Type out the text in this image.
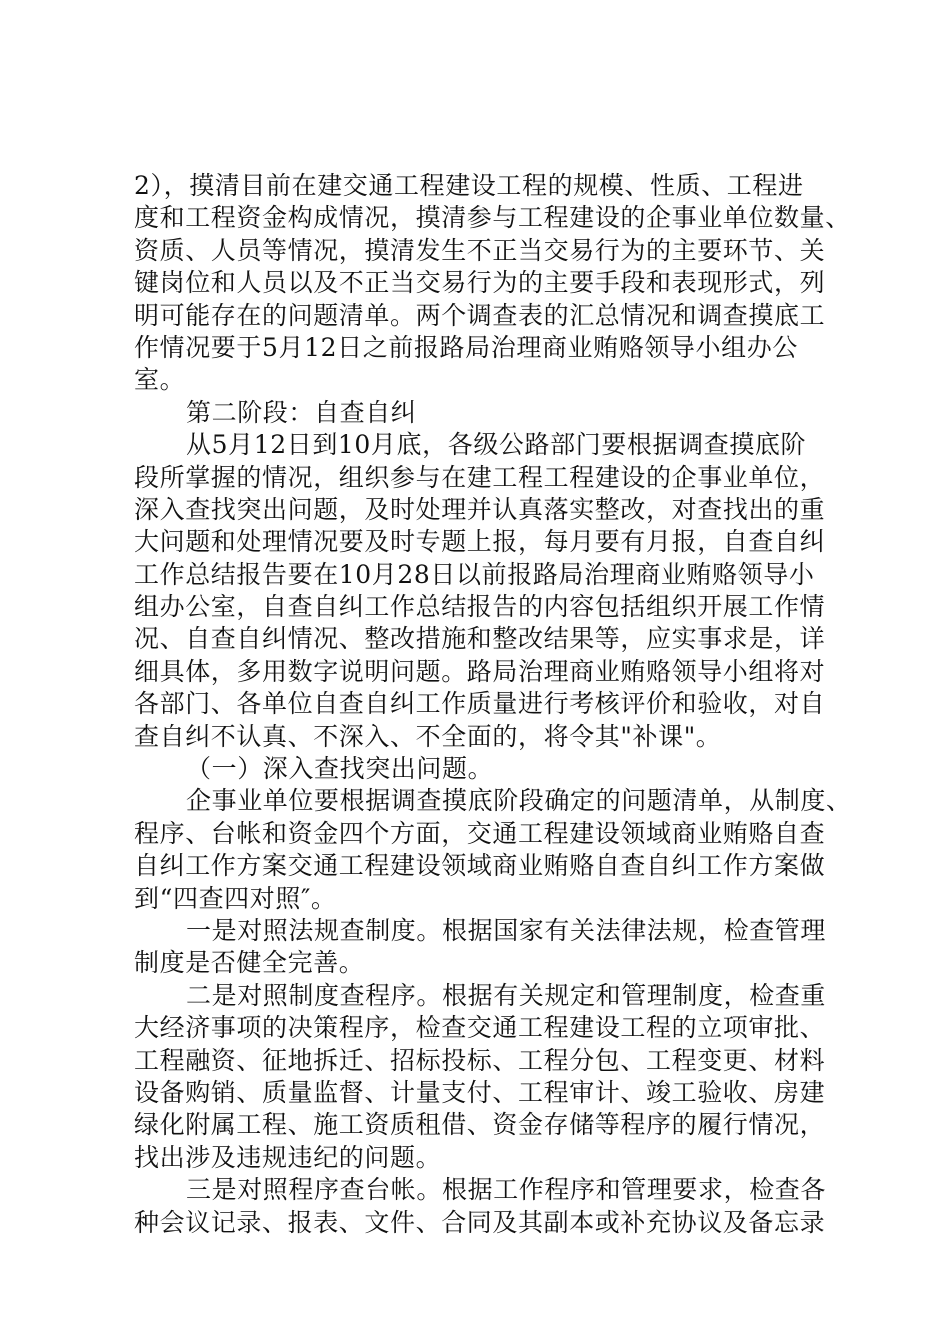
2），摸清目前在建交通工程建设工程的规模、性质、工程进
度和工程资金构成情况，摸清参与工程建设的企事业单位数量、
资质、人员等情况，摸清发生不正当交易行为的主要环节、关
键岗位和人员以及不正当交易行为的主要手段和表现形式，列
明可能存在的问题清单。两个调查表的汇总情况和调查摸底工
作情况要于5月12日之前报路局治理商业贿赂领导小组办公
室。
第二阶段：自查自纠
从5月12日到10月底，各级公路部门要根据调查摸底阶
段所掌握的情况，组织参与在建工程工程建设的企事业单位，
深入查找突出问题，及时处理并认真落实整改，对查找出的重
大问题和处理情况要及时专题上报，每月要有月报，自查自纠
工作总结报告要在10月28日以前报路局治理商业贿赂领导小
组办公室，自查自纠工作总结报告的内容包括组织开展工作情
况、自查自纠情况、整改措施和整改结果等，应实事求是，详
细具体，多用数字说明问题。路局治理商业贿赂领导小组将对
各部门、各单位自查自纠工作质量进行考核评价和验收，对自
查自纠不认真、不深入、不全面的，将令其"补课"。
（一）深入查找突出问题。
企事业单位要根据调查摸底阶段确定的问题清单，从制度、
程序、台帐和资金四个方面，交通工程建设领域商业贿赂自查
自纠工作方案交通工程建设领域商业贿赂自查自纠工作方案做
到“四查四对照″。
一是对照法规查制度。根据国家有关法律法规，检查管理
制度是否健全完善。
二是对照制度查程序。根据有关规定和管理制度，检查重
大经济事项的决策程序，检查交通工程建设工程的立项审批、
工程融资、征地拆迁、招标投标、工程分包、工程变更、材料
设备购销、质量监督、计量支付、工程审计、竣工验收、房建
绿化附属工程、施工资质租借、资金存储等程序的履行情况，
找出涉及违规违纪的问题。
三是对照程序查台帐。根据工作程序和管理要求，检查各
种会议记录、报表、文件、合同及其副本或补充协议及备忘录
